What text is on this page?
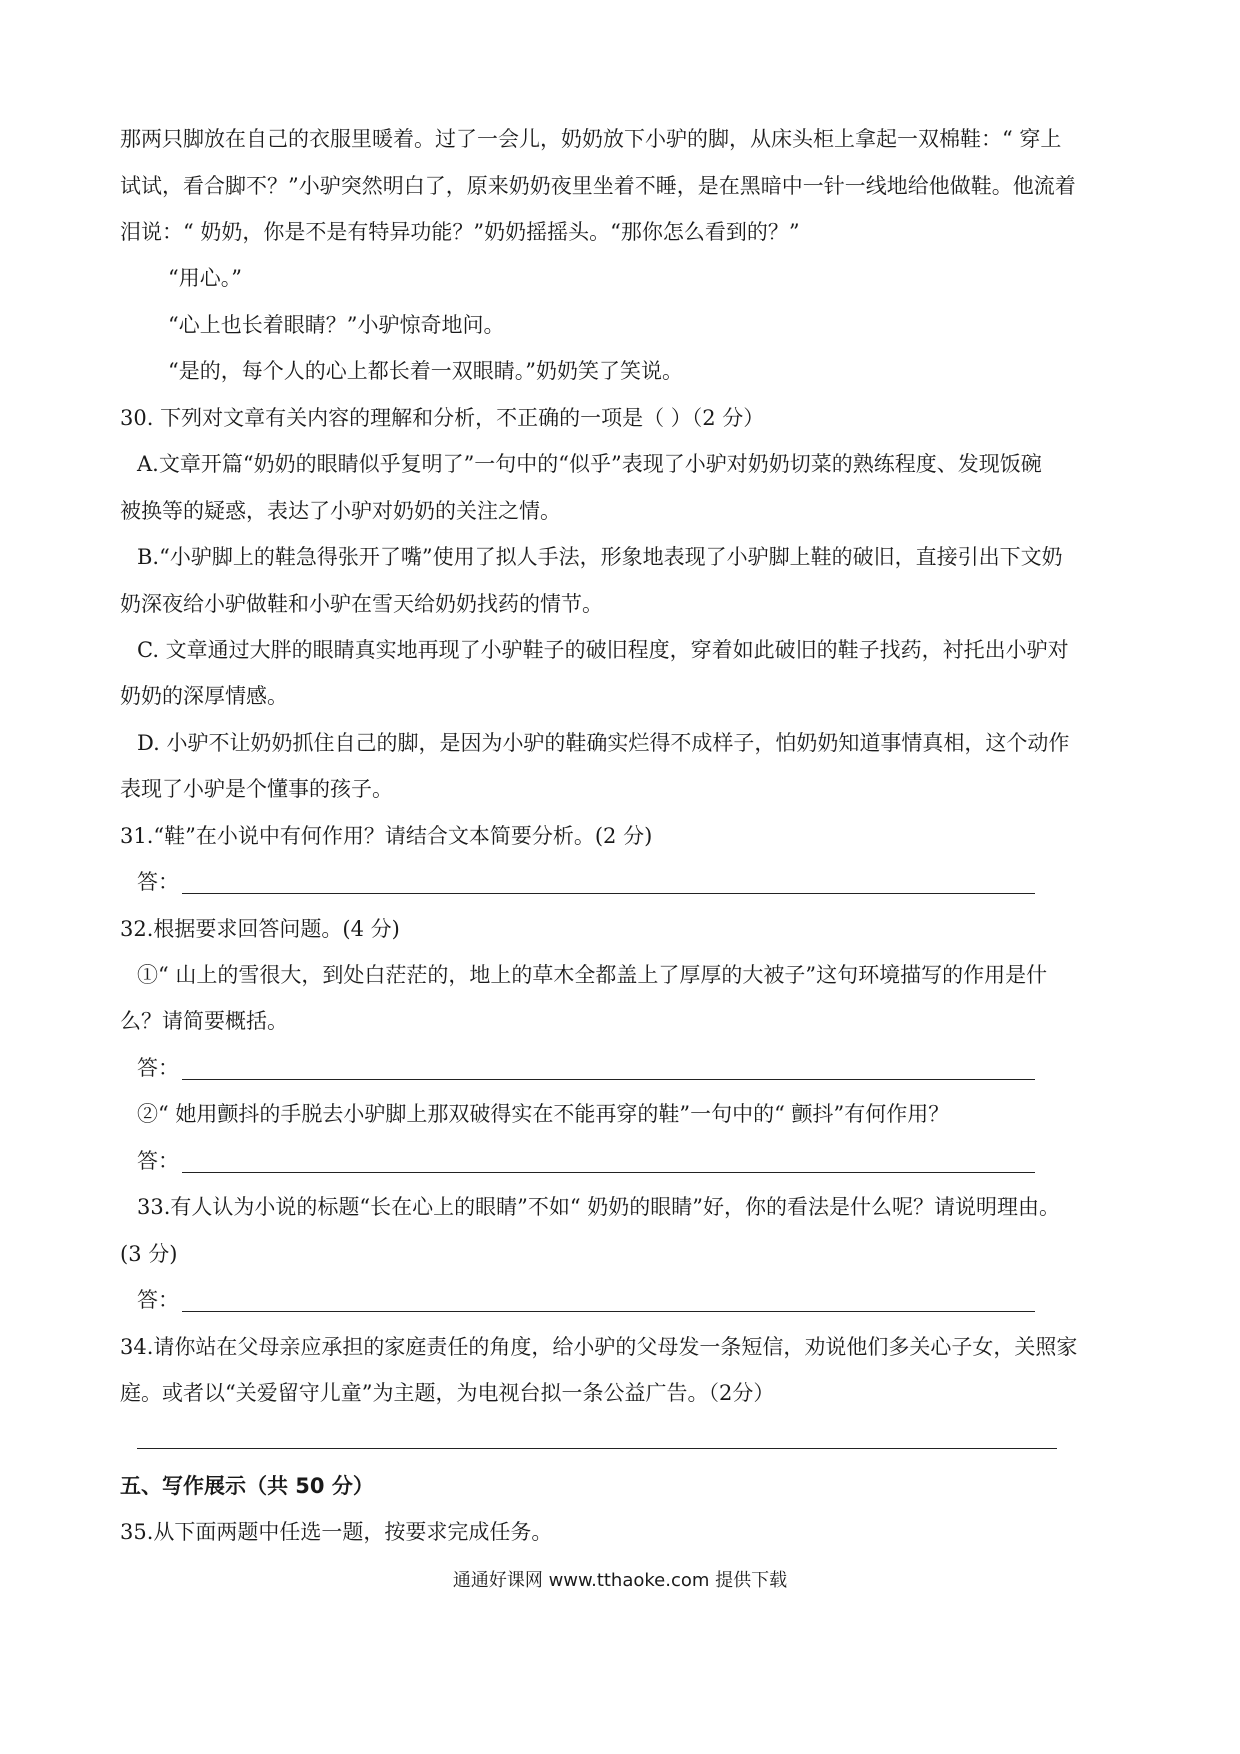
那两只脚放在自己的衣服里暖着。过了一会儿，奶奶放下小驴的脚，从床头柜上拿起一双棉鞋：“ 穿上
试试，看合脚不？”小驴突然明白了，原来奶奶夜里坐着不睡，是在黑暗中一针一线地给他做鞋。他流着
泪说：“ 奶奶，你是不是有特异功能？”奶奶摇摇头。“那你怎么看到的？”
“用心。”
“心上也长着眼睛？”小驴惊奇地问。
“是的，每个人的心上都长着一双眼睛。”奶奶笑了笑说。
30. 下列对文章有关内容的理解和分析，不正确的一项是（ ）（2 分）
A.文章开篇“奶奶的眼睛似乎复明了”一句中的“似乎”表现了小驴对奶奶切菜的熟练程度、发现饭碗
被换等的疑惑，表达了小驴对奶奶的关注之情。
B.“小驴脚上的鞋急得张开了嘴”使用了拟人手法，形象地表现了小驴脚上鞋的破旧，直接引出下文奶
奶深夜给小驴做鞋和小驴在雪天给奶奶找药的情节。
C. 文章通过大胖的眼睛真实地再现了小驴鞋子的破旧程度，穿着如此破旧的鞋子找药，衬托出小驴对
奶奶的深厚情感。
D. 小驴不让奶奶抓住自己的脚，是因为小驴的鞋确实烂得不成样子，怕奶奶知道事情真相，这个动作
表现了小驴是个懂事的孩子。
31.“鞋”在小说中有何作用？请结合文本简要分析。(2 分)
答：
32.根据要求回答问题。(4 分)
①“ 山上的雪很大，到处白茫茫的，地上的草木全都盖上了厚厚的大被子”这句环境描写的作用是什
么？请简要概括。
答：
②“ 她用颤抖的手脱去小驴脚上那双破得实在不能再穿的鞋”一句中的“ 颤抖”有何作用？
答：
33.有人认为小说的标题“长在心上的眼睛”不如“ 奶奶的眼睛”好，你的看法是什么呢？请说明理由。
(3 分)
答：
34.请你站在父母亲应承担的家庭责任的角度，给小驴的父母发一条短信，劝说他们多关心子女，关照家
庭。或者以“关爱留守儿童”为主题，为电视台拟一条公益广告。（2分）
五、写作展示（共 50 分）
35.从下面两题中任选一题，按要求完成任务。
通通好课网 www.tthaoke.com 提供下载
